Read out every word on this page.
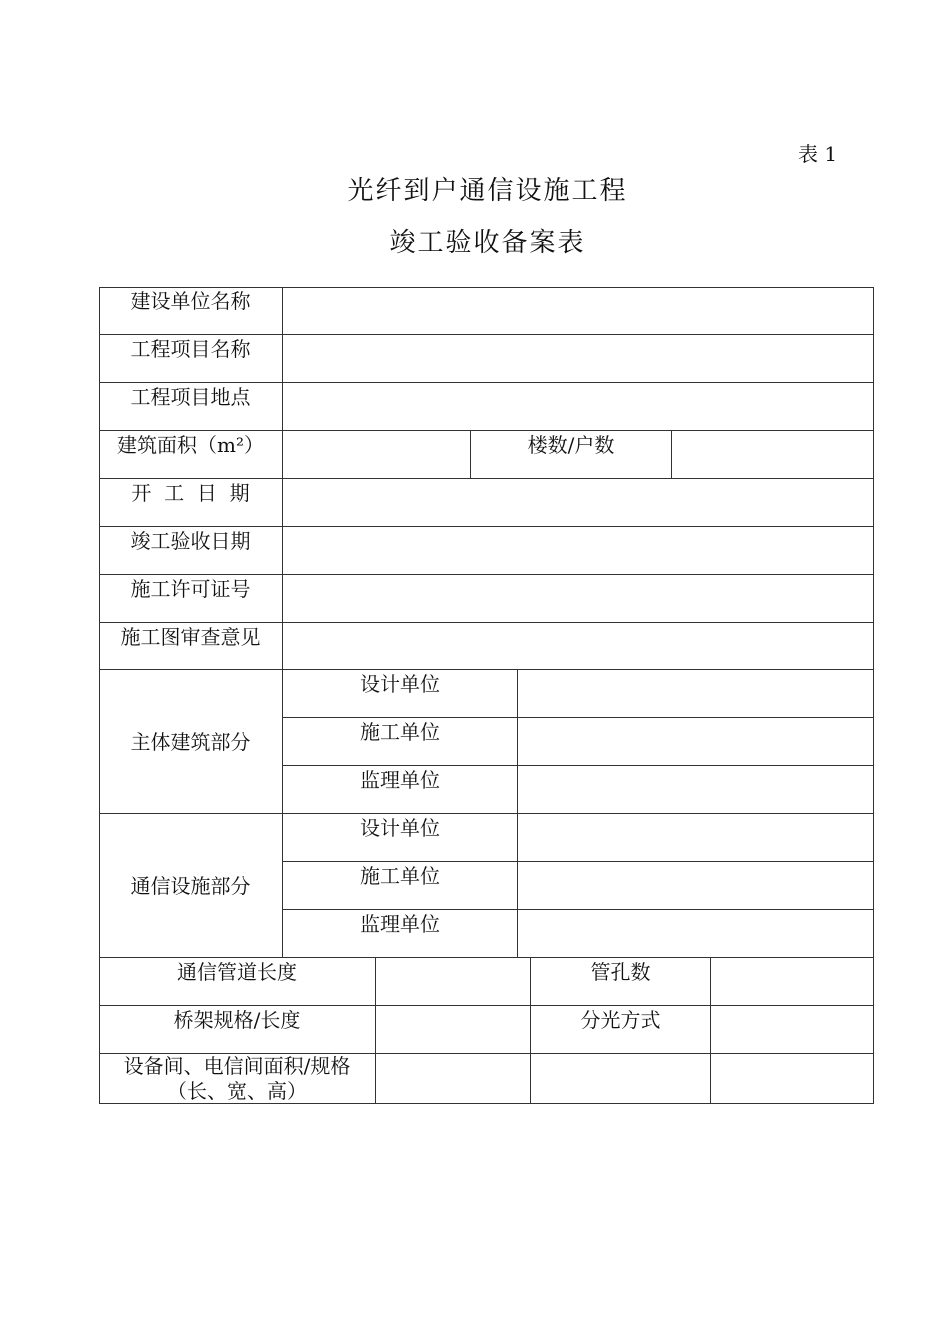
表 1
光纤到户通信设施工程
竣工验收备案表
建设单位名称
工程项目名称
工程项目地点
建筑面积（m²）	楼数/户数
开  工  日  期
竣工验收日期
施工许可证号
施工图审查意见
主体建筑部分
设计单位
施工单位
监理单位
通信设施部分
设计单位
施工单位
监理单位
通信管道长度	管孔数
桥架规格/长度	分光方式
设备间、电信间面积/规格
（长、宽、高）
